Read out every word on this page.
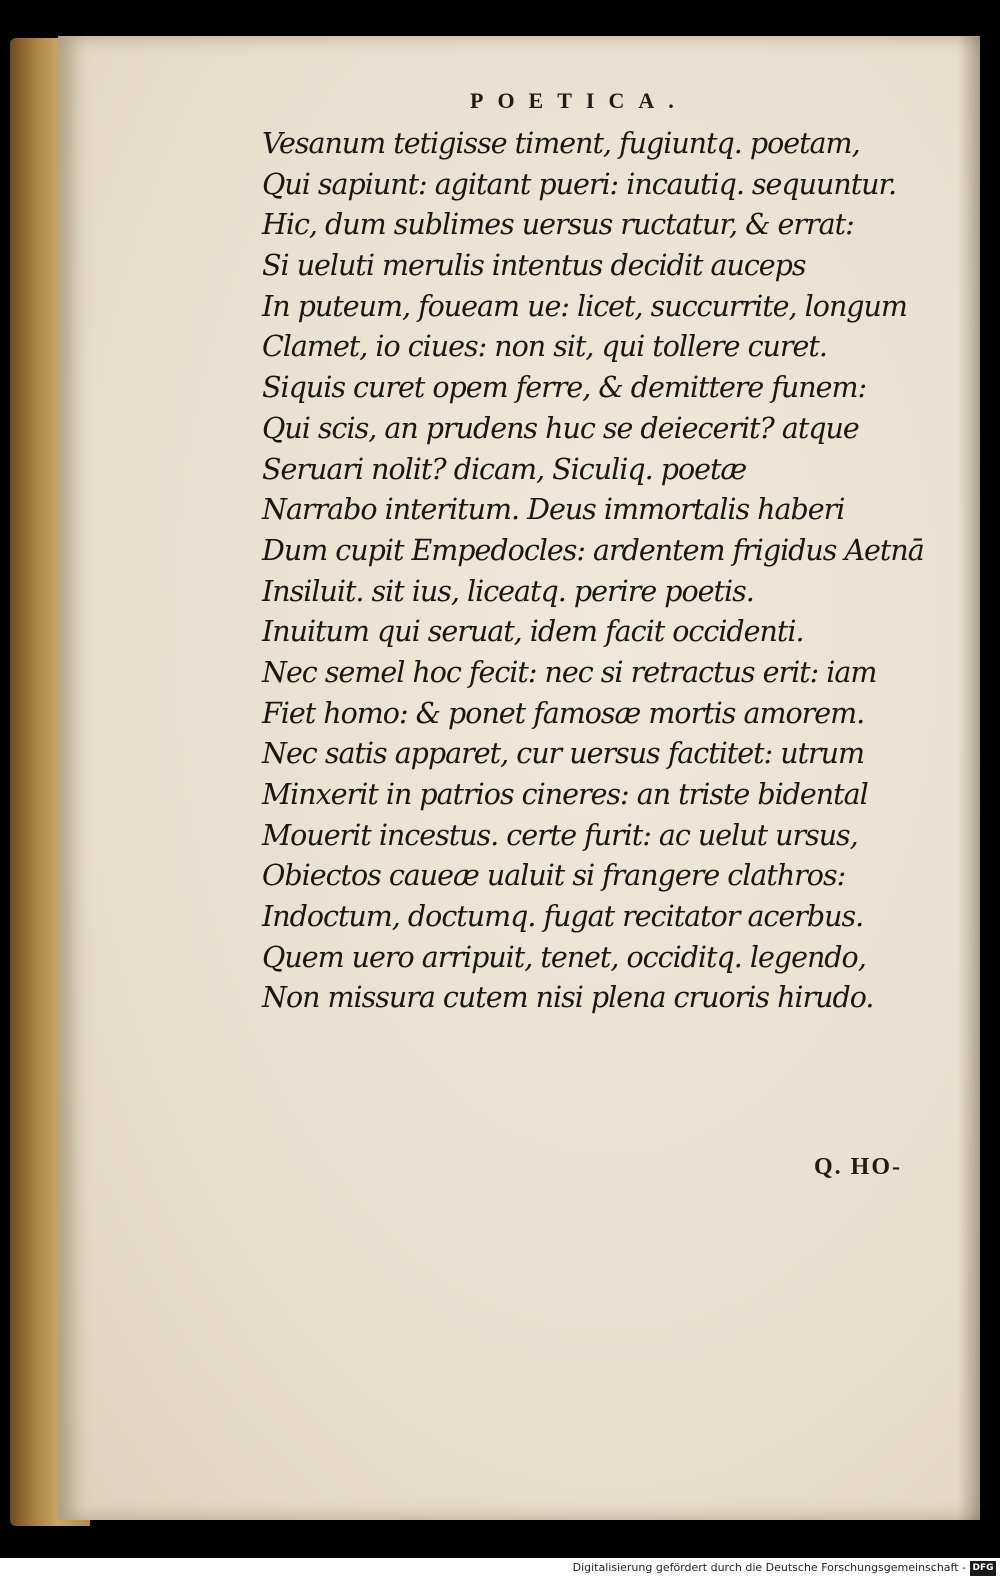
POETICA.
Vesanum tetigisse timent, fugiuntq. poetam,
Qui sapiunt: agitant pueri: incautiq. sequuntur.
Hic, dum sublimes uersus ructatur, & errat:
Si ueluti merulis intentus decidit auceps
In puteum, foueam ue: licet, succurrite, longum
Clamet, io ciues: non sit, qui tollere curet.
Siquis curet opem ferre, & demittere funem:
Qui scis, an prudens huc se deiecerit? atque
Seruari nolit? dicam, Siculiq. poetæ
Narrabo interitum. Deus immortalis haberi
Dum cupit Empedocles: ardentem frigidus Aetnā
Insiluit. sit ius, liceatq. perire poetis.
Inuitum qui seruat, idem facit occidenti.
Nec semel hoc fecit: nec si retractus erit: iam
Fiet homo: & ponet famosæ mortis amorem.
Nec satis apparet, cur uersus factitet: utrum
Minxerit in patrios cineres: an triste bidental
Mouerit incestus. certe furit: ac uelut ursus,
Obiectos caueæ ualuit si frangere clathros:
Indoctum, doctumq. fugat recitator acerbus.
Quem uero arripuit, tenet, occiditq. legendo,
Non missura cutem nisi plena cruoris hirudo.
Q. HO-
Digitalisierung gefördert durch die Deutsche Forschungsgemeinschaft - DFG
